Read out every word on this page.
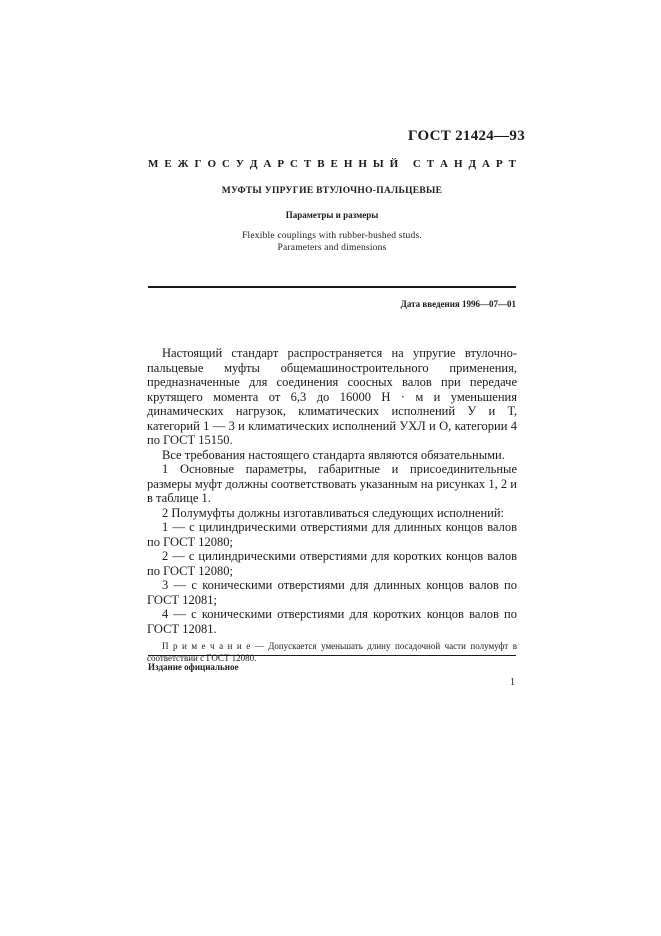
ГОСТ 21424—93
М Е Ж Г О С У Д А Р С Т В Е Н Н Ы Й
С Т А Н Д А Р Т
МУФТЫ УПРУГИЕ ВТУЛОЧНО-ПАЛЬЦЕВЫЕ
Параметры и размеры
Flexible couplings with rubber-bushed studs.
Parameters and dimensions
Дата введения 1996—07—01

Настоящий стандарт распространяется на упругие втулочно-пальцевые муфты общемашиностроительного применения, предназначенные для соединения соосных валов при передаче крутящего момента от 6,3 до 16000 Н · м и уменьшения динамических нагрузок, климатических исполнений У и Т, категорий 1 — 3 и климатических исполнений УХЛ и О, категории 4 по ГОСТ 15150.

Все требования настоящего стандарта являются обязательными.

1 Основные параметры, габаритные и присоединительные размеры муфт должны соответствовать указанным на рисунках 1, 2 и в таблице 1.

2 Полумуфты должны изготавливаться следующих исполнений:

1 — с цилиндрическими отверстиями для длинных концов валов по ГОСТ 12080;

2 — с цилиндрическими отверстиями для коротких концов валов по ГОСТ 12080;

3 — с коническими отверстиями для длинных концов валов по ГОСТ 12081;

4 — с коническими отверстиями для коротких концов валов по ГОСТ 12081.

П р и м е ч а н и е — Допускается уменьшать длину посадочной части полумуфт в соответствии с ГОСТ 12080.

Издание официальное
1
